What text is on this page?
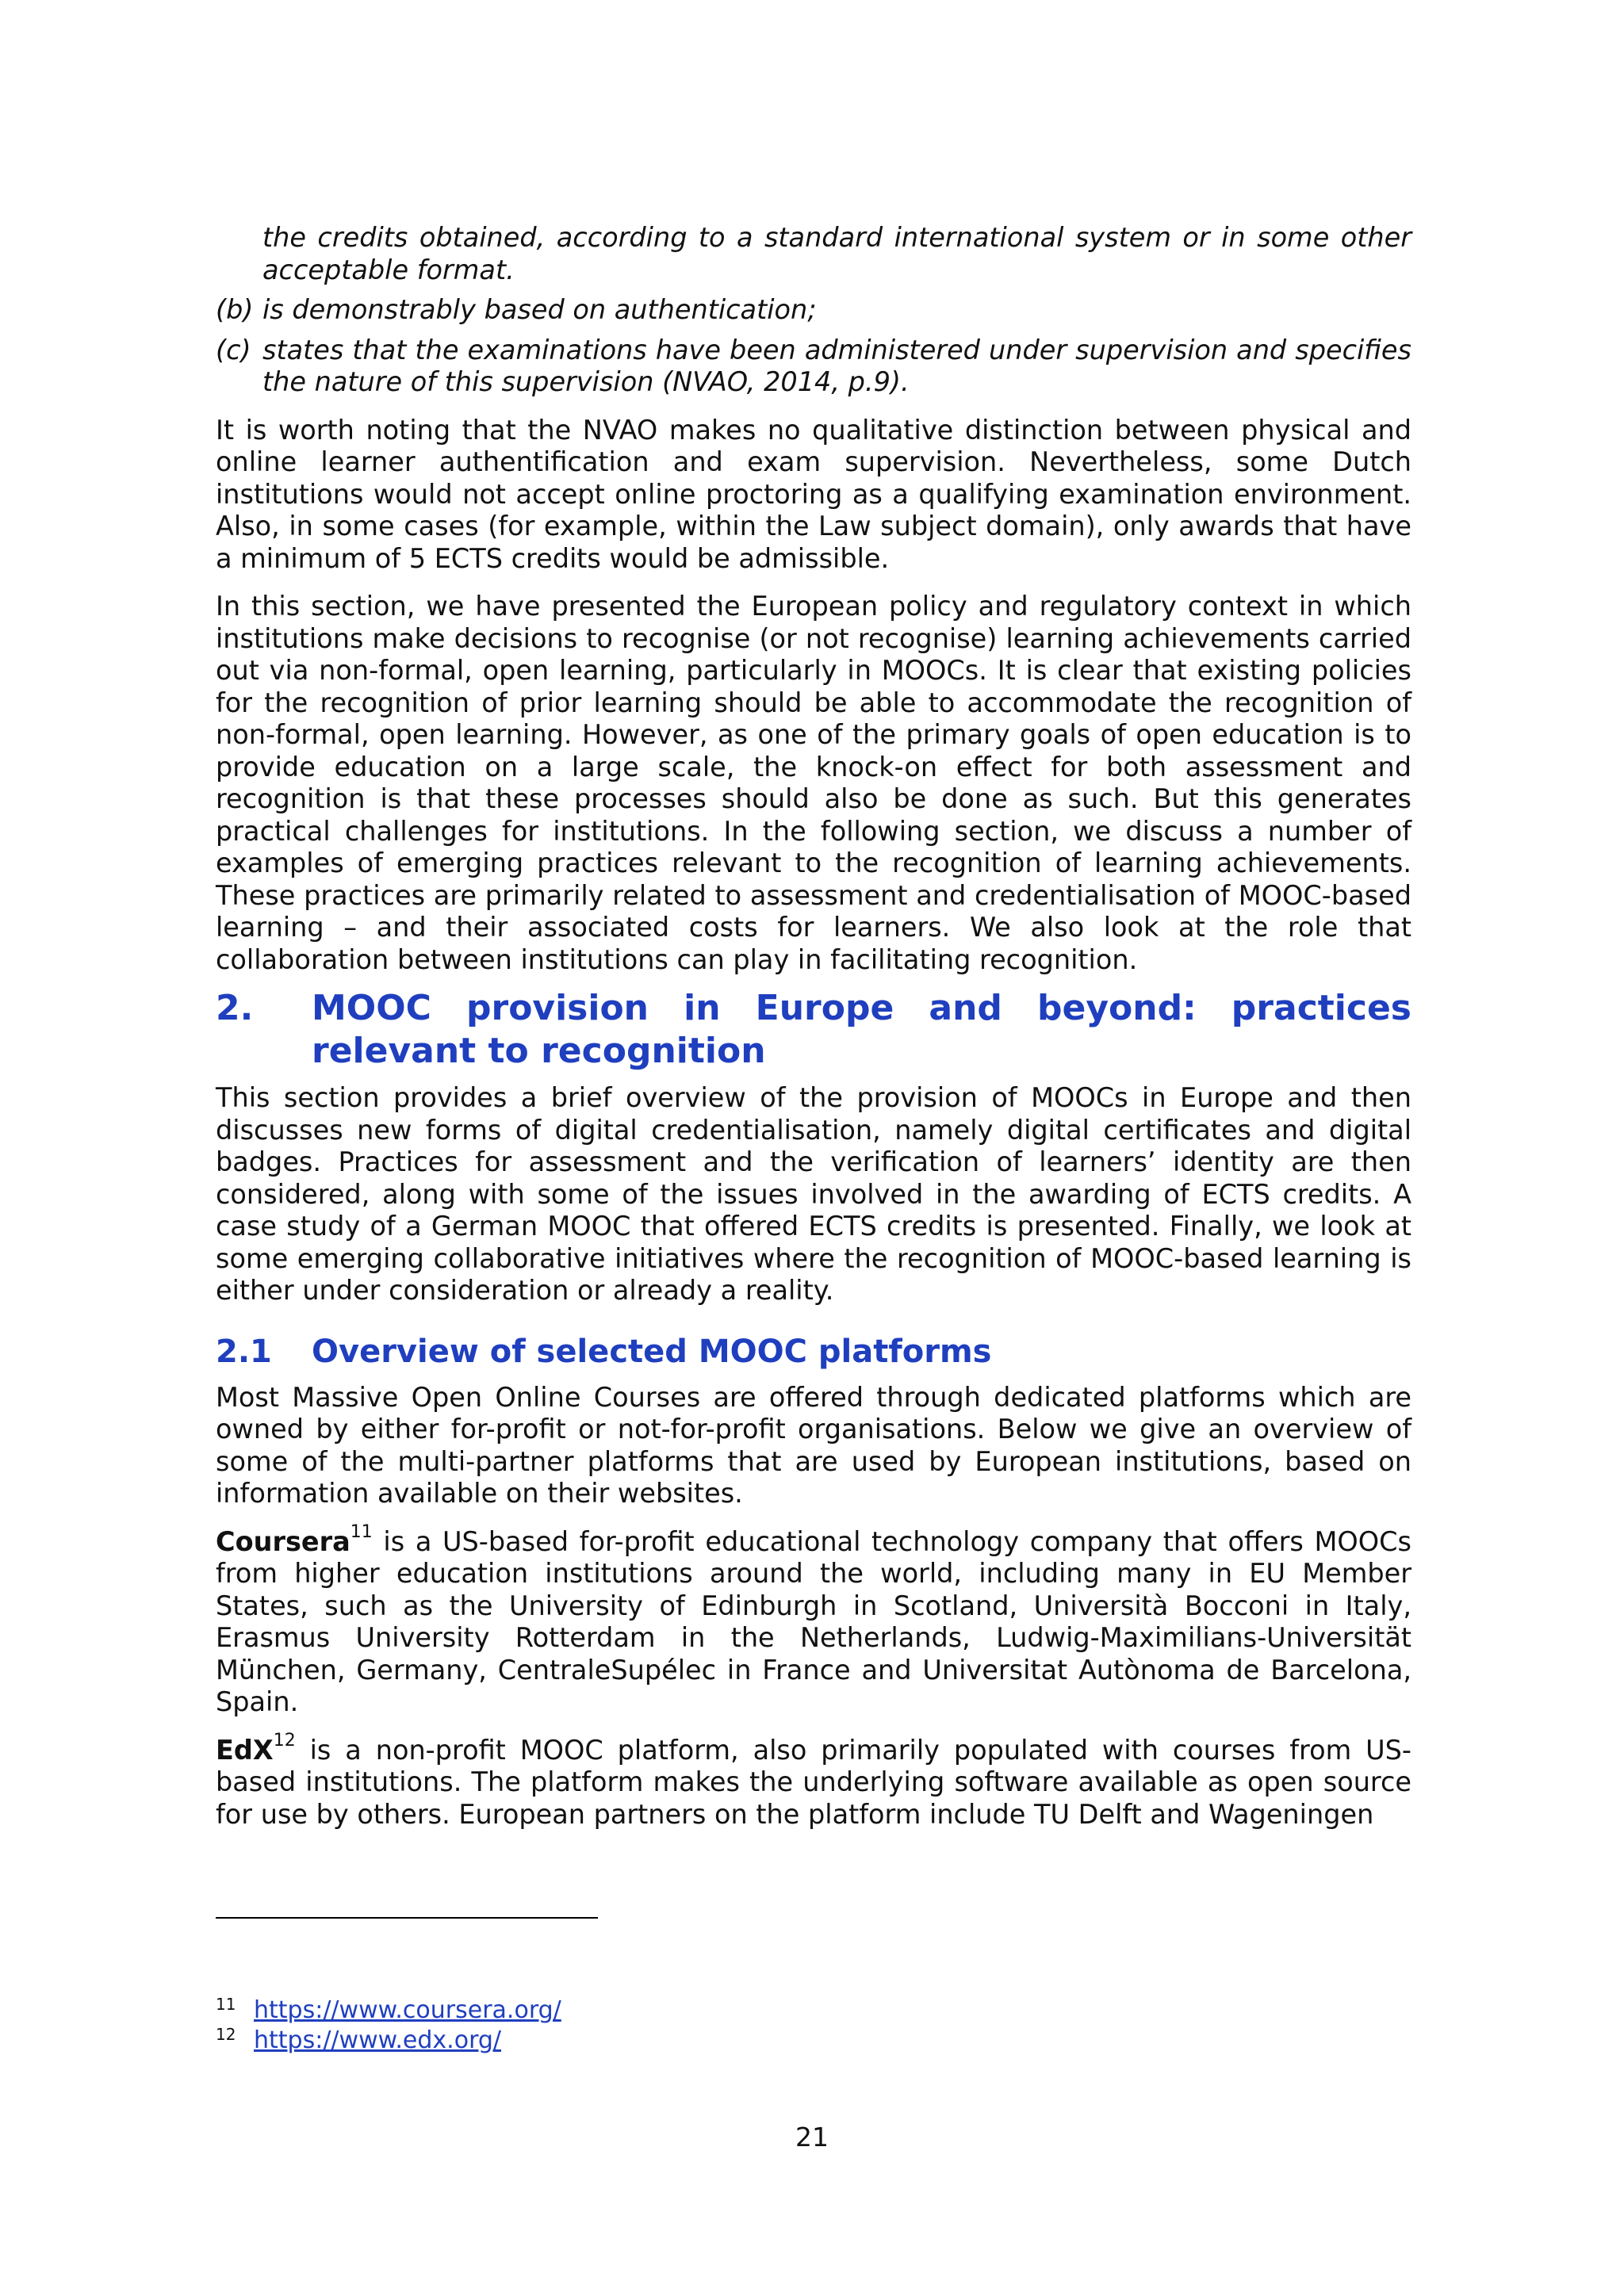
the credits obtained, according to a standard international system or in some other acceptable format.

(b) is demonstrably based on authentication;
(c) states that the examinations have been administered under supervision and specifies the nature of this supervision (NVAO, 2014, p.9).

It is worth noting that the NVAO makes no qualitative distinction between physical and online learner authentification and exam supervision. Nevertheless, some Dutch institutions would not accept online proctoring as a qualifying examination environment. Also, in some cases (for example, within the Law subject domain), only awards that have a minimum of 5 ECTS credits would be admissible.

In this section, we have presented the European policy and regulatory context in which institutions make decisions to recognise (or not recognise) learning achievements carried out via non-formal, open learning, particularly in MOOCs. It is clear that existing policies for the recognition of prior learning should be able to accommodate the recognition of non-formal, open learning. However, as one of the primary goals of open education is to provide education on a large scale, the knock-on effect for both assessment and recognition is that these processes should also be done as such. But this generates practical challenges for institutions. In the following section, we discuss a number of examples of emerging practices relevant to the recognition of learning achievements. These practices are primarily related to assessment and credentialisation of MOOC-based learning – and their associated costs for learners. We also look at the role that collaboration between institutions can play in facilitating recognition.

2.	MOOC provision in Europe and beyond: practices relevant to recognition

This section provides a brief overview of the provision of MOOCs in Europe and then discusses new forms of digital credentialisation, namely digital certificates and digital badges. Practices for assessment and the verification of learners’ identity are then considered, along with some of the issues involved in the awarding of ECTS credits. A case study of a German MOOC that offered ECTS credits is presented. Finally, we look at some emerging collaborative initiatives where the recognition of MOOC-based learning is either under consideration or already a reality.

2.1	Overview of selected MOOC platforms

Most Massive Open Online Courses are offered through dedicated platforms which are owned by either for-profit or not-for-profit organisations. Below we give an overview of some of the multi-partner platforms that are used by European institutions, based on information available on their websites.

Coursera$^{11}$ is a US-based for-profit educational technology company that offers MOOCs from higher education institutions around the world, including many in EU Member States, such as the University of Edinburgh in Scotland, Università Bocconi in Italy, Erasmus University Rotterdam in the Netherlands, Ludwig-Maximilians-Universität München, Germany, CentraleSupélec in France and Universitat Autònoma de Barcelona, Spain.

EdX$^{12}$ is a non-profit MOOC platform, also primarily populated with courses from US-based institutions. The platform makes the underlying software available as open source for use by others. European partners on the platform include TU Delft and Wageningen

11 https://www.coursera.org/
12 https://www.edx.org/
21
